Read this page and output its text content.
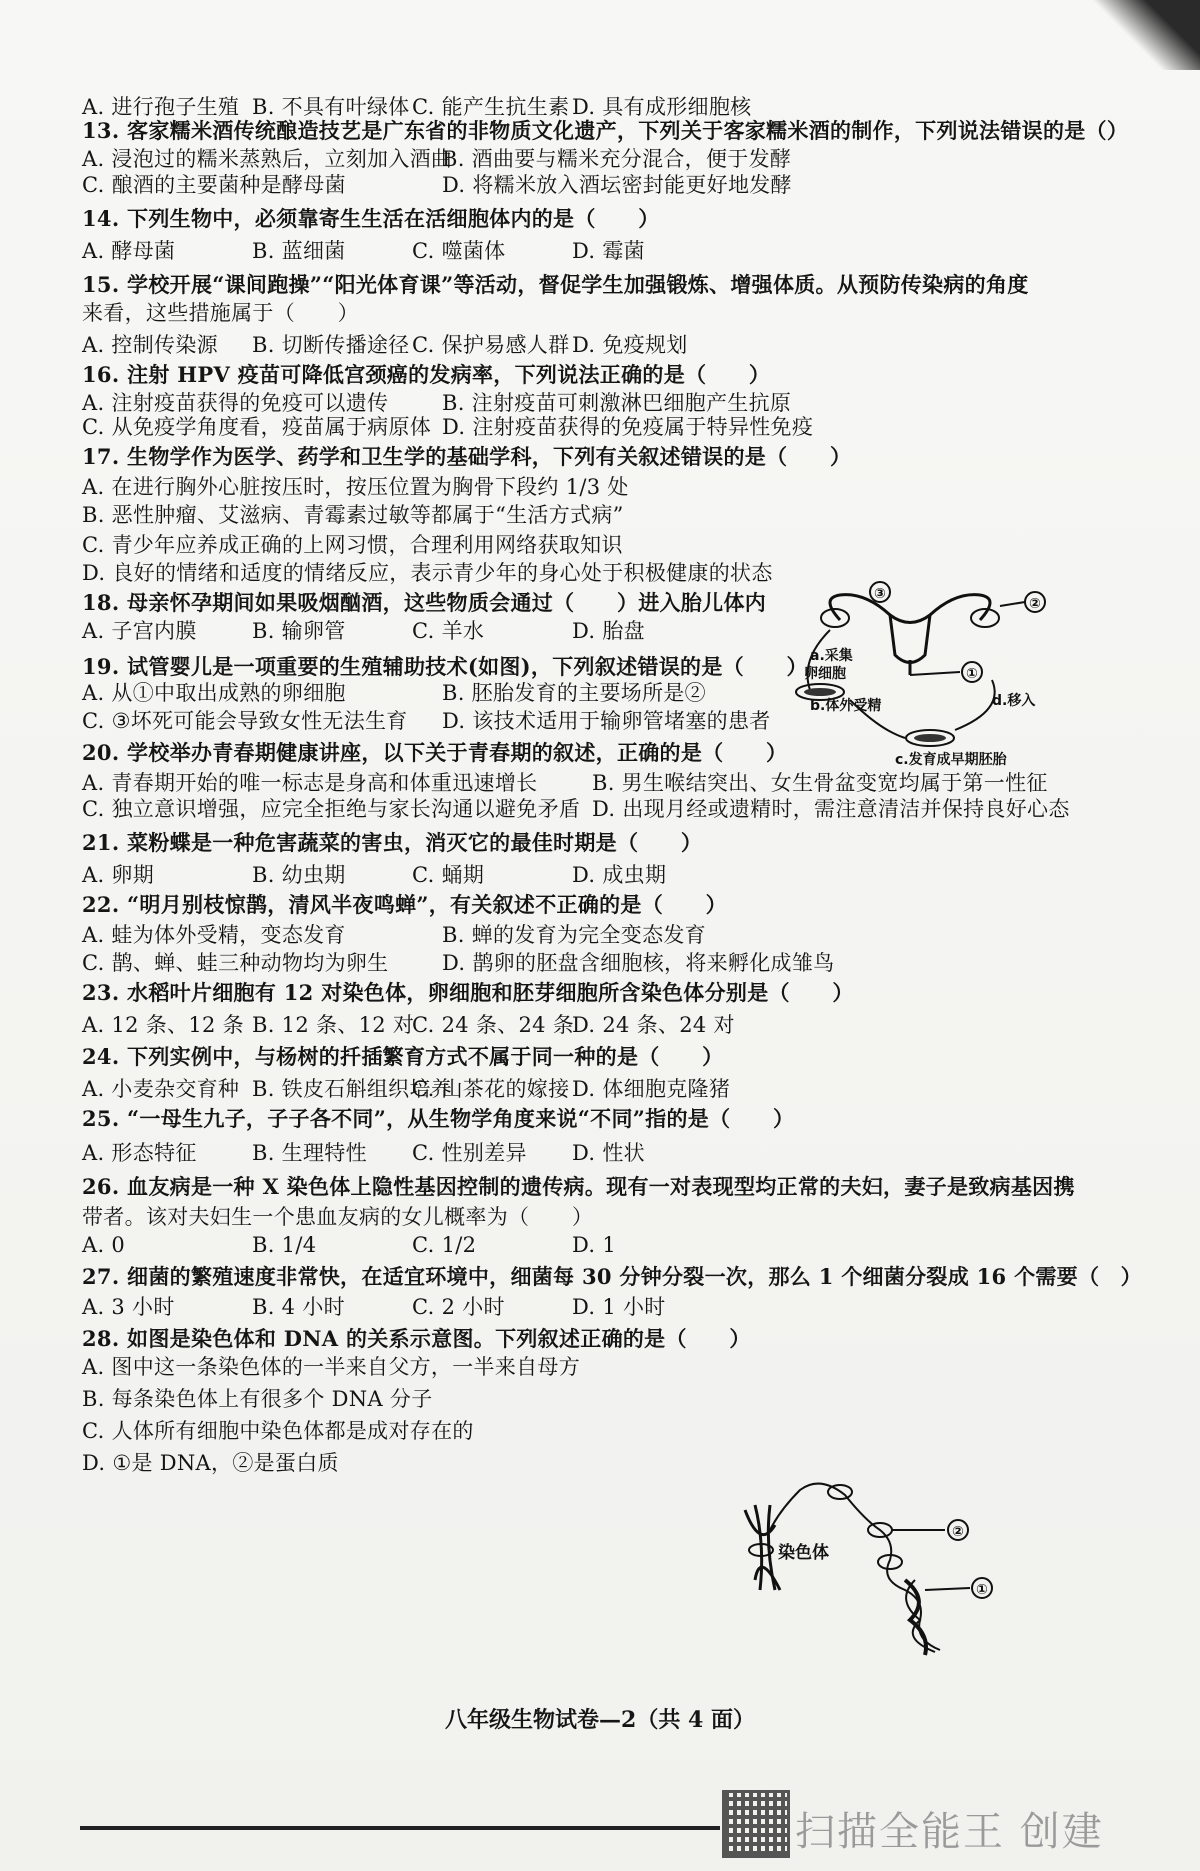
A. 进行孢子生殖 B. 不具有叶绿体 C. 能产生抗生素 D. 具有成形细胞核
13. 客家糯米酒传统酿造技艺是广东省的非物质文化遗产，下列关于客家糯米酒的制作，下列说法错误的是（）
A. 浸泡过的糯米蒸熟后，立刻加入酒曲
B. 酒曲要与糯米充分混合，便于发酵
C. 酿酒的主要菌种是酵母菌	D. 将糯米放入酒坛密封能更好地发酵
14. 下列生物中，必须靠寄生生活在活细胞体内的是（　　）
A. 酵母菌	B. 蓝细菌	C. 噬菌体	D. 霉菌
15. 学校开展“课间跑操”“阳光体育课”等活动，督促学生加强锻炼、增强体质。从预防传染病的角度
来看，这些措施属于（　　）
A. 控制传染源 B. 切断传播途径 C. 保护易感人群 D. 免疫规划
16. 注射 HPV 疫苗可降低宫颈癌的发病率，下列说法正确的是（　　）
A. 注射疫苗获得的免疫可以遗传	B. 注射疫苗可刺激淋巴细胞产生抗原
C. 从免疫学角度看，疫苗属于病原体 D. 注射疫苗获得的免疫属于特异性免疫
17. 生物学作为医学、药学和卫生学的基础学科，下列有关叙述错误的是（　　）
A. 在进行胸外心脏按压时，按压位置为胸骨下段约 1/3 处
B. 恶性肿瘤、艾滋病、青霉素过敏等都属于“生活方式病”
C. 青少年应养成正确的上网习惯，合理利用网络获取知识
D. 良好的情绪和适度的情绪反应，表示青少年的身心处于积极健康的状态
18. 母亲怀孕期间如果吸烟酗酒，这些物质会通过（　　）进入胎儿体内
A. 子宫内膜	B. 输卵管	C. 羊水	D. 胎盘
19. 试管婴儿是一项重要的生殖辅助技术(如图)，下列叙述错误的是（　　）
A. 从①中取出成熟的卵细胞	B. 胚胎发育的主要场所是②
C. ③坏死可能会导致女性无法生育 D. 该技术适用于输卵管堵塞的患者
20. 学校举办青春期健康讲座，以下关于青春期的叙述，正确的是（　　）
A. 青春期开始的唯一标志是身高和体重迅速增长	B. 男生喉结突出、女生骨盆变宽均属于第一性征
C. 独立意识增强，应完全拒绝与家长沟通以避免矛盾 D. 出现月经或遗精时，需注意清洁并保持良好心态
21. 菜粉蝶是一种危害蔬菜的害虫，消灭它的最佳时期是（　　）
A. 卵期	B. 幼虫期	C. 蛹期	D. 成虫期
22. “明月别枝惊鹊，清风半夜鸣蝉”，有关叙述不正确的是（　　）
A. 蛙为体外受精，变态发育	B. 蝉的发育为完全变态发育
C. 鹊、蝉、蛙三种动物均为卵生	D. 鹊卵的胚盘含细胞核，将来孵化成雏鸟
23. 水稻叶片细胞有 12 对染色体，卵细胞和胚芽细胞所含染色体分别是（　　）
A. 12 条、12 条 B. 12 条、12 对
C. 24 条、24 条
D. 24 条、24 对
24. 下列实例中，与杨树的扦插繁育方式不属于同一种的是（　　）
A. 小麦杂交育种 B. 铁皮石斛组织培养
C. 山茶花的嫁接 D. 体细胞克隆猪
25. “一母生九子，子子各不同”，从生物学角度来说“不同”指的是（　　）
A. 形态特征	B. 生理特性 C. 性别差异 D. 性状
26. 血友病是一种 X 染色体上隐性基因控制的遗传病。现有一对表现型均正常的夫妇，妻子是致病基因携
带者。该对夫妇生一个患血友病的女儿概率为（　　）
A. 0	B. 1/4	C. 1/2	D. 1
27. 细菌的繁殖速度非常快，在适宜环境中，细菌每 30 分钟分裂一次，那么 1 个细菌分裂成 16 个需要（　）
A. 3 小时	B. 4 小时	C. 2 小时	D. 1 小时
28. 如图是染色体和 DNA 的关系示意图。下列叙述正确的是（　　）
A. 图中这一条染色体的一半来自父方，一半来自母方
B. 每条染色体上有很多个 DNA 分子
C. 人体所有细胞中染色体都是成对存在的
D. ①是 DNA，②是蛋白质
③
②
①
a.采集
卵细胞
b.体外受精
c.发育成早期胚胎
d.移入
染色体
②
①
八年级生物试卷—2（共 4 面）
扫描全能王 创建
